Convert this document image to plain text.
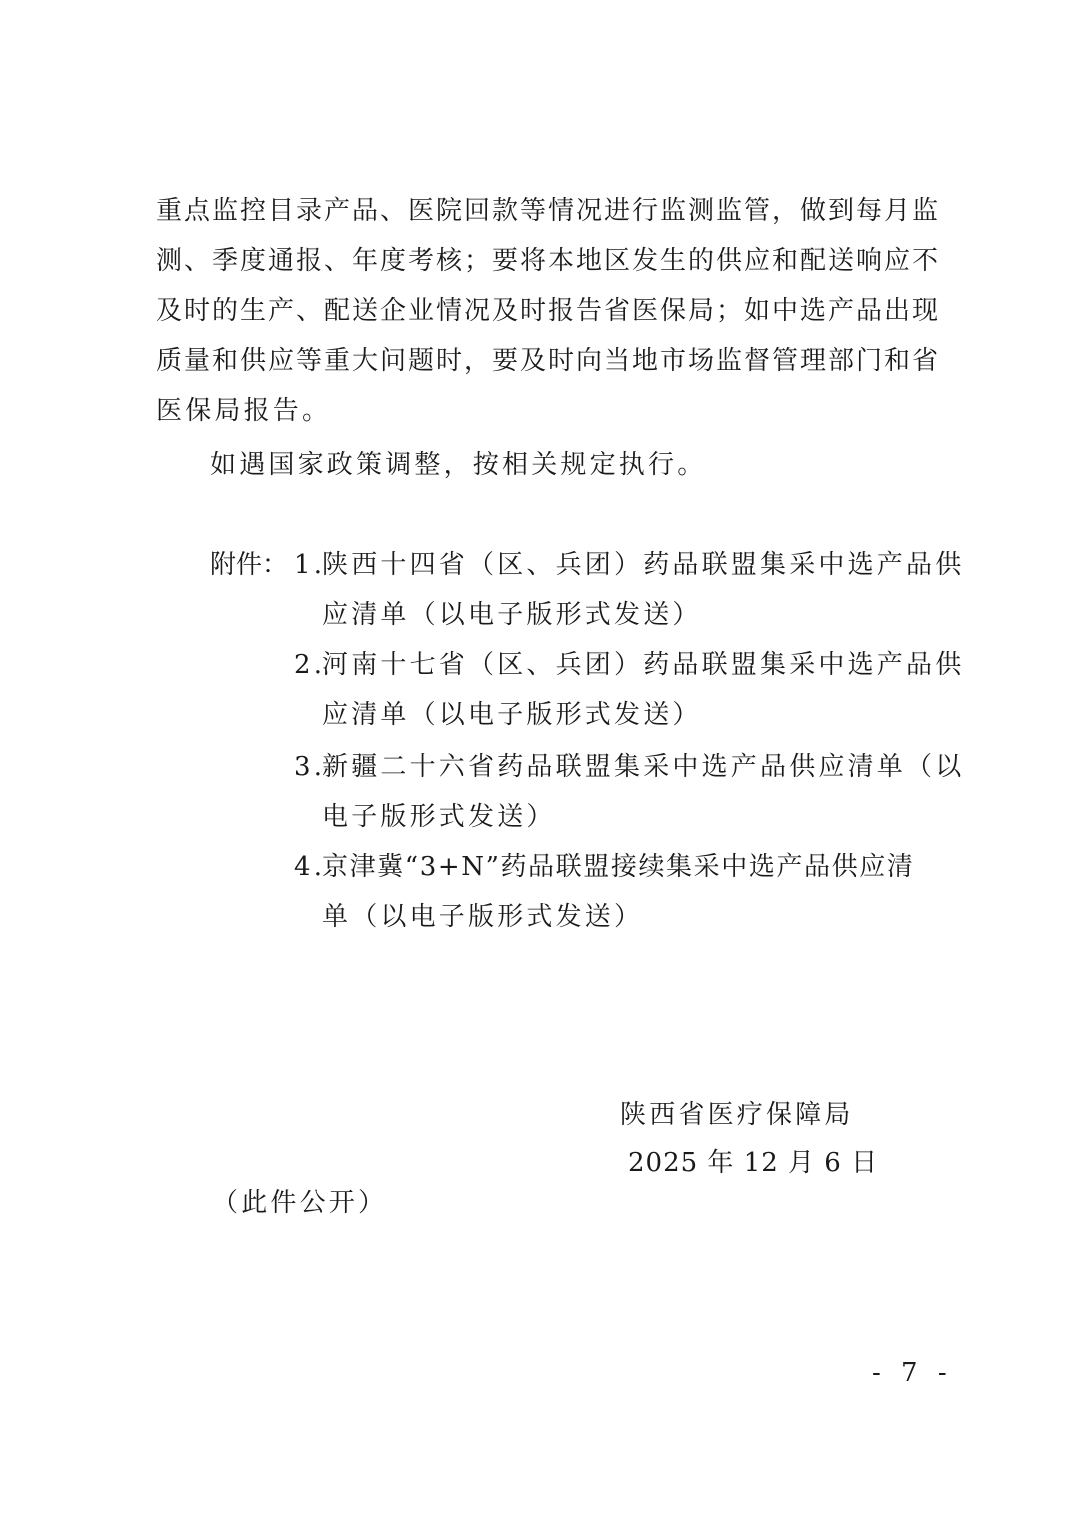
重点监控目录产品、医院回款等情况进行监测监管，做到每月监
测、季度通报、年度考核；要将本地区发生的供应和配送响应不
及时的生产、配送企业情况及时报告省医保局；如中选产品出现
质量和供应等重大问题时，要及时向当地市场监督管理部门和省
医保局报告。
如遇国家政策调整，按相关规定执行。
附件： 1.
陕西十四省（区、兵团）药品联盟集采中选产品供
应清单（以电子版形式发送）
2.
河南十七省（区、兵团）药品联盟集采中选产品供
应清单（以电子版形式发送）
3.
新疆二十六省药品联盟集采中选产品供应清单（以
电子版形式发送）
4.
京津冀“3+N”药品联盟接续集采中选产品供应清
单（以电子版形式发送）
陕西省医疗保障局
2025 年 12 月 6 日
（此件公开）
- 7 -
